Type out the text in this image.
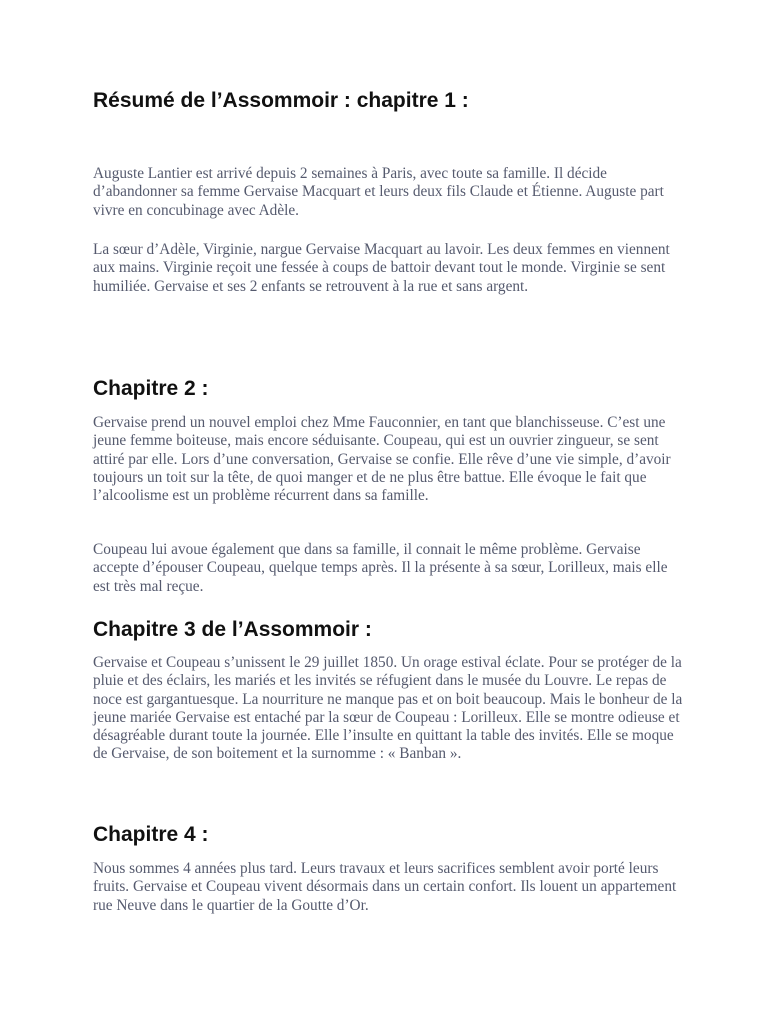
Résumé de l’Assommoir : chapitre 1 :

Auguste Lantier est arrivé depuis 2 semaines à Paris, avec toute sa famille. Il décide d’abandonner sa femme Gervaise Macquart et leurs deux fils Claude et Étienne. Auguste part vivre en concubinage avec Adèle.

La sœur d’Adèle, Virginie, nargue Gervaise Macquart au lavoir. Les deux femmes en viennent aux mains. Virginie reçoit une fessée à coups de battoir devant tout le monde. Virginie se sent humiliée. Gervaise et ses 2 enfants se retrouvent à la rue et sans argent.

Chapitre 2 :

Gervaise prend un nouvel emploi chez Mme Fauconnier, en tant que blanchisseuse. C’est une jeune femme boiteuse, mais encore séduisante. Coupeau, qui est un ouvrier zingueur, se sent attiré par elle. Lors d’une conversation, Gervaise se confie. Elle rêve d’une vie simple, d’avoir toujours un toit sur la tête, de quoi manger et de ne plus être battue. Elle évoque le fait que l’alcoolisme est un problème récurrent dans sa famille.

Coupeau lui avoue également que dans sa famille, il connait le même problème. Gervaise accepte d’épouser Coupeau, quelque temps après. Il la présente à sa sœur, Lorilleux, mais elle est très mal reçue.

Chapitre 3 de l’Assommoir :

Gervaise et Coupeau s’unissent le 29 juillet 1850. Un orage estival éclate. Pour se protéger de la pluie et des éclairs, les mariés et les invités se réfugient dans le musée du Louvre. Le repas de noce est gargantuesque. La nourriture ne manque pas et on boit beaucoup. Mais le bonheur de la jeune mariée Gervaise est entaché par la sœur de Coupeau : Lorilleux. Elle se montre odieuse et désagréable durant toute la journée. Elle l’insulte en quittant la table des invités. Elle se moque de Gervaise, de son boitement et la surnomme : « Banban ».

Chapitre 4 :

Nous sommes 4 années plus tard. Leurs travaux et leurs sacrifices semblent avoir porté leurs fruits. Gervaise et Coupeau vivent désormais dans un certain confort. Ils louent un appartement rue Neuve dans le quartier de la Goutte d’Or.
